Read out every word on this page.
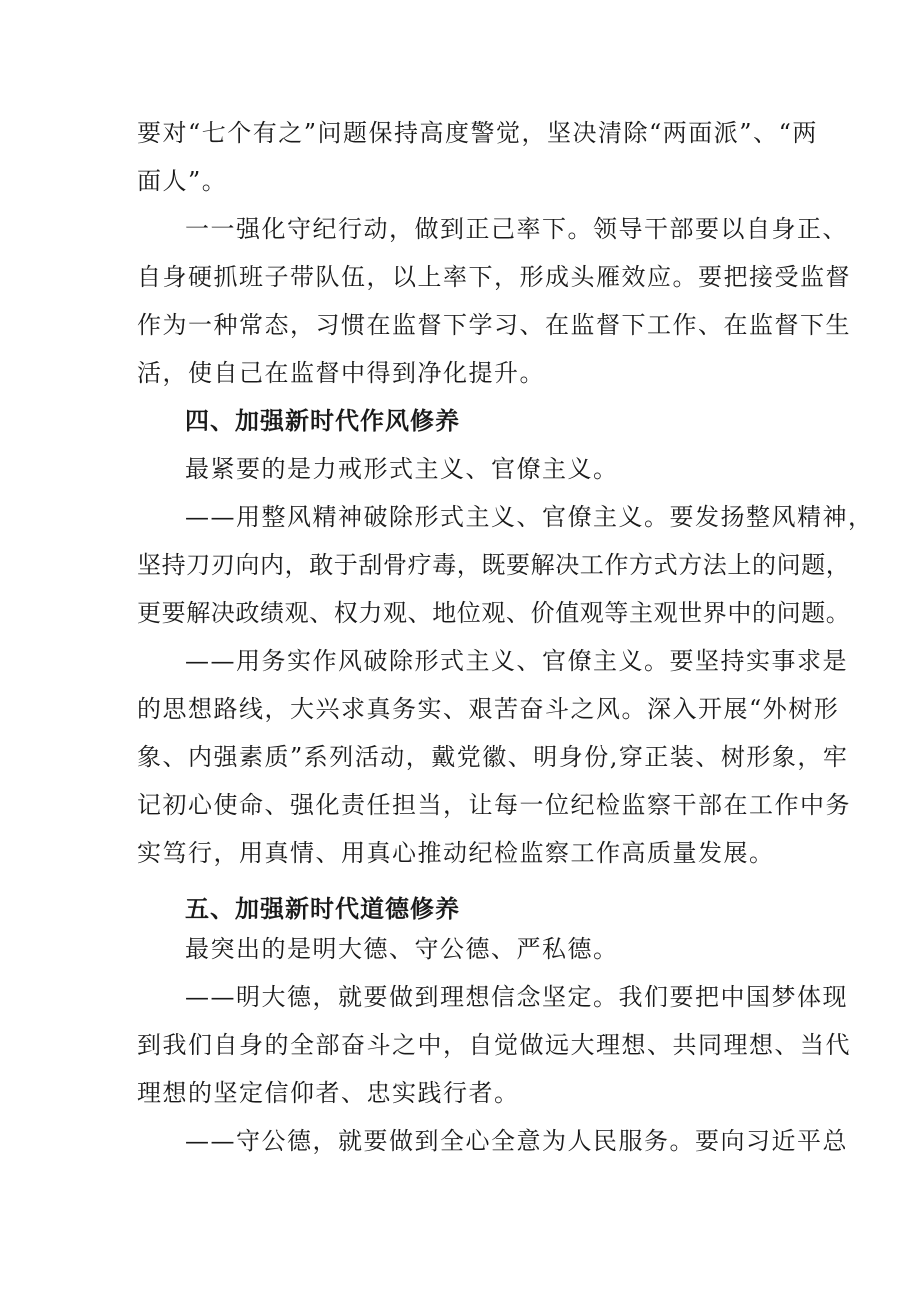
要对“七个有之”问题保持高度警觉，坚决清除“两面派”、“两
面人”。
一一强化守纪行动，做到正己率下。领导干部要以自身正、
自身硬抓班子带队伍，以上率下，形成头雁效应。要把接受监督
作为一种常态，习惯在监督下学习、在监督下工作、在监督下生
活，使自己在监督中得到净化提升。
四、加强新时代作风修养
最紧要的是力戒形式主义、官僚主义。
——用整风精神破除形式主义、官僚主义。要发扬整风精神，
坚持刀刃向内，敢于刮骨疗毒，既要解决工作方式方法上的问题，
更要解决政绩观、权力观、地位观、价值观等主观世界中的问题。
——用务实作风破除形式主义、官僚主义。要坚持实事求是
的思想路线，大兴求真务实、艰苦奋斗之风。深入开展“外树形
象、内强素质”系列活动，戴党徽、明身份,穿正装、树形象，牢
记初心使命、强化责任担当，让每一位纪检监察干部在工作中务
实笃行，用真情、用真心推动纪检监察工作高质量发展。
五、加强新时代道德修养
最突出的是明大德、守公德、严私德。
——明大德，就要做到理想信念坚定。我们要把中国梦体现
到我们自身的全部奋斗之中，自觉做远大理想、共同理想、当代
理想的坚定信仰者、忠实践行者。
——守公德，就要做到全心全意为人民服务。要向习近平总
